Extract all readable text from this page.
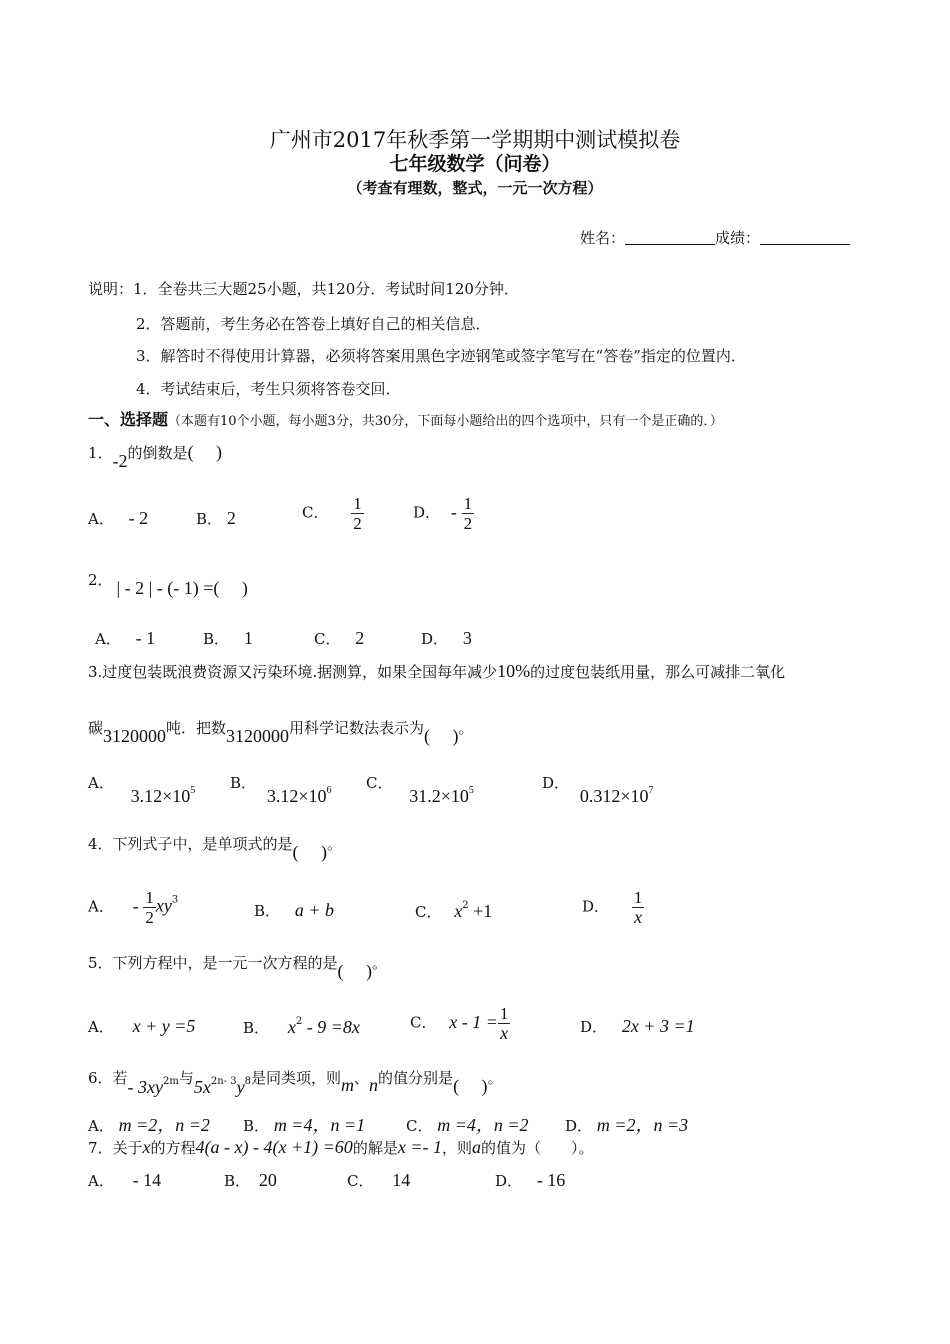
广州市2017年秋季第一学期期中测试模拟卷
七年级数学（问卷）
（考查有理数，整式，一元一次方程）
姓名：	成绩：
说明：1．全卷共三大题25小题，共120分．考试时间120分钟．
2．答题前，考生务必在答卷上填好自己的相关信息．
3．解答时不得使用计算器，必须将答案用黑色字迹钢笔或签字笔写在“答卷”指定的位置内．
4．考试结束后，考生只须将答卷交回．
一、选择题（本题有10个小题，每小题3分，共30分，下面每小题给出的四个选项中，只有一个是正确的．）
1．-2的倒数是(　 )
A． - 2	B． 2	C． $\frac{1}{2}$	D． - $\frac{1}{2}$
2． | - 2 | - (- 1) =(　 )
A． - 1	B． 1	C． 2	D． 3
3.过度包装既浪费资源又污染环境.据测算，如果全国每年减少10%的过度包装纸用量，那么可减排二氧化
碳3120000吨．把数3120000用科学记数法表示为(　 )。
A． $3.12\times 10^5$ B． $3.12\times 10^6$ C． $31.2\times 10^5$	D． $0.312\times 10^7$
4．下列式子中，是单项式的是(　 )。
A． - $\frac{1}{2} xy^3$
B． a + b	C． $x^2 +1$	D． $\frac{1}{x}$
5．下列方程中，是一元一次方程的是(　 )。
A． x + y =5	B． $x^2 - 9 =8x$	C． $x - 1 = \frac{1}{x}$	D． 2x + 3 =1
6．若- $3xy^{2m}$与$5x^{2n- 3}y^8$是同类项，则m、n的值分别是(　 )。
A． m =2，n =2 B． m =4，n =1	C． m =4，n =2 D． m =2，n =3
7．关于x的方程4(a - x) - 4(x +1) =60的解是x =- 1，则a的值为（　　）。
A． - 14	B． 20	C． 14	D． - 16
